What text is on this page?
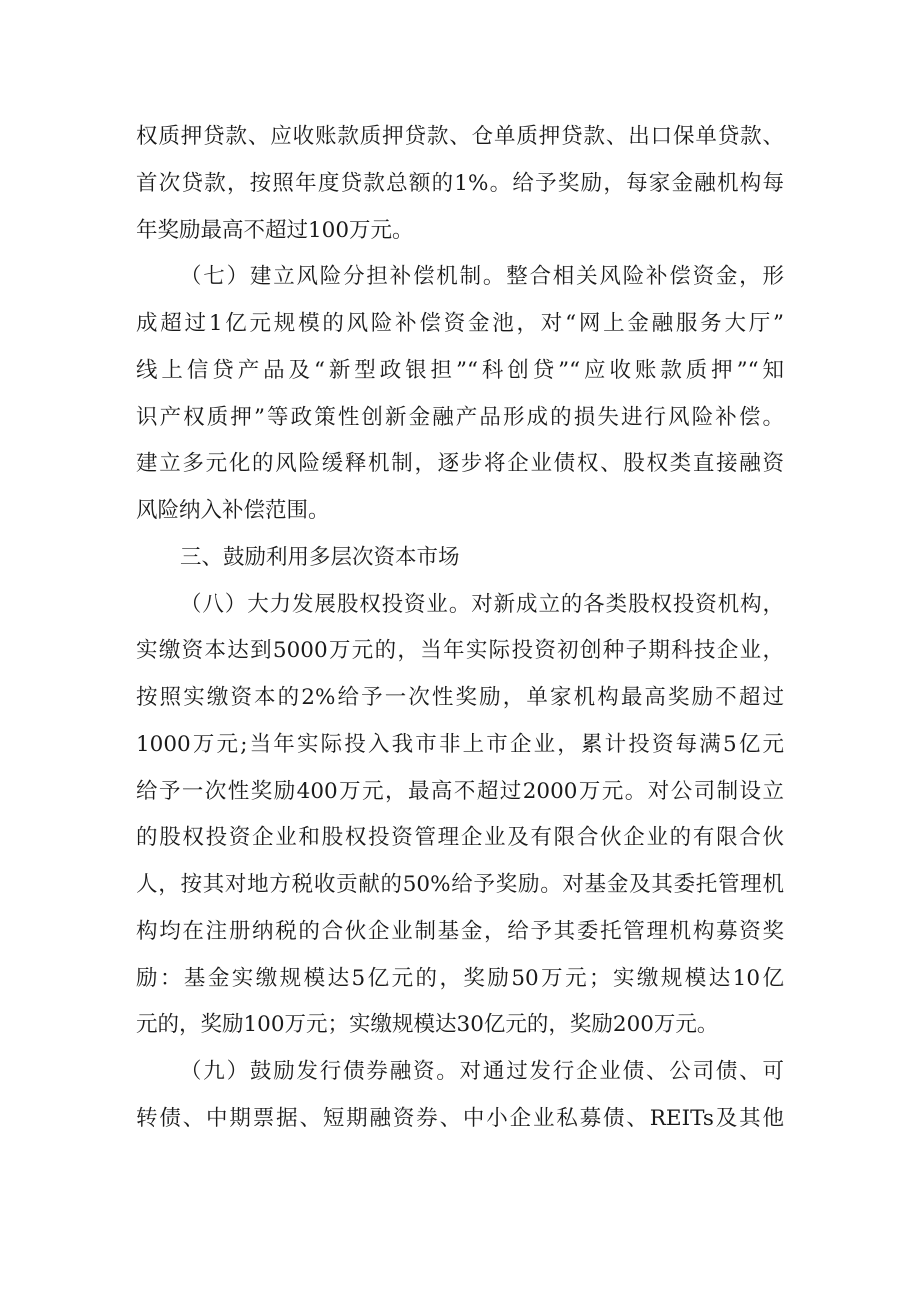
权质押贷款、应收账款质押贷款、仓单质押贷款、出口保单贷款、
首次贷款，按照年度贷款总额的1%。给予奖励，每家金融机构每
年奖励最高不超过100万元。
（七）建立风险分担补偿机制。整合相关风险补偿资金，形
成超过1亿元规模的风险补偿资金池，对“网上金融服务大厅”
线上信贷产品及“新型政银担”“科创贷”“应收账款质押”“知
识产权质押”等政策性创新金融产品形成的损失进行风险补偿。
建立多元化的风险缓释机制，逐步将企业债权、股权类直接融资
风险纳入补偿范围。
三、鼓励利用多层次资本市场
（八）大力发展股权投资业。对新成立的各类股权投资机构，
实缴资本达到5000万元的，当年实际投资初创种子期科技企业，
按照实缴资本的2%给予一次性奖励，单家机构最高奖励不超过
1000万元;当年实际投入我市非上市企业，累计投资每满5亿元
给予一次性奖励400万元，最高不超过2000万元。对公司制设立
的股权投资企业和股权投资管理企业及有限合伙企业的有限合伙
人，按其对地方税收贡献的50%给予奖励。对基金及其委托管理机
构均在注册纳税的合伙企业制基金，给予其委托管理机构募资奖
励：基金实缴规模达5亿元的，奖励50万元；实缴规模达10亿
元的，奖励100万元；实缴规模达30亿元的，奖励200万元。
（九）鼓励发行债券融资。对通过发行企业债、公司债、可
转债、中期票据、短期融资券、中小企业私募债、REITs及其他
